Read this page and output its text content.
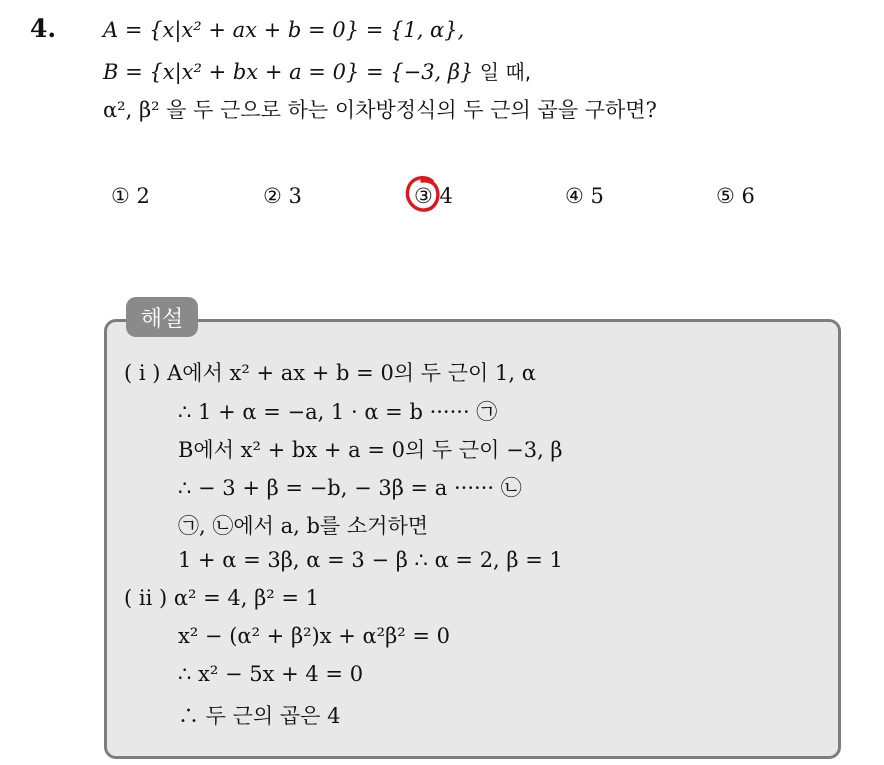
4. A = {x|x² + ax + b = 0} = {1, α},
B = {x|x² + bx + a = 0} = {−3, β} 일 때,
α², β² 을 두 근으로 하는 이차방정식의 두 근의 곱을 구하면?
① 2	② 3	③ 4	④ 5	⑤ 6
해설
( i ) A에서 x² + ax + b = 0의 두 근이 1, α
∴ 1 + α = −a, 1 · α = b ······ ㉠
B에서 x² + bx + a = 0의 두 근이 −3, β
∴ − 3 + β = −b, − 3β = a ······ ㉡
㉠, ㉡에서 a, b를 소거하면
1 + α = 3β, α = 3 − β ∴ α = 2, β = 1
( ii ) α² = 4, β² = 1
x² − (α² + β²)x + α²β² = 0
∴ x² − 5x + 4 = 0
∴ 두 근의 곱은 4
